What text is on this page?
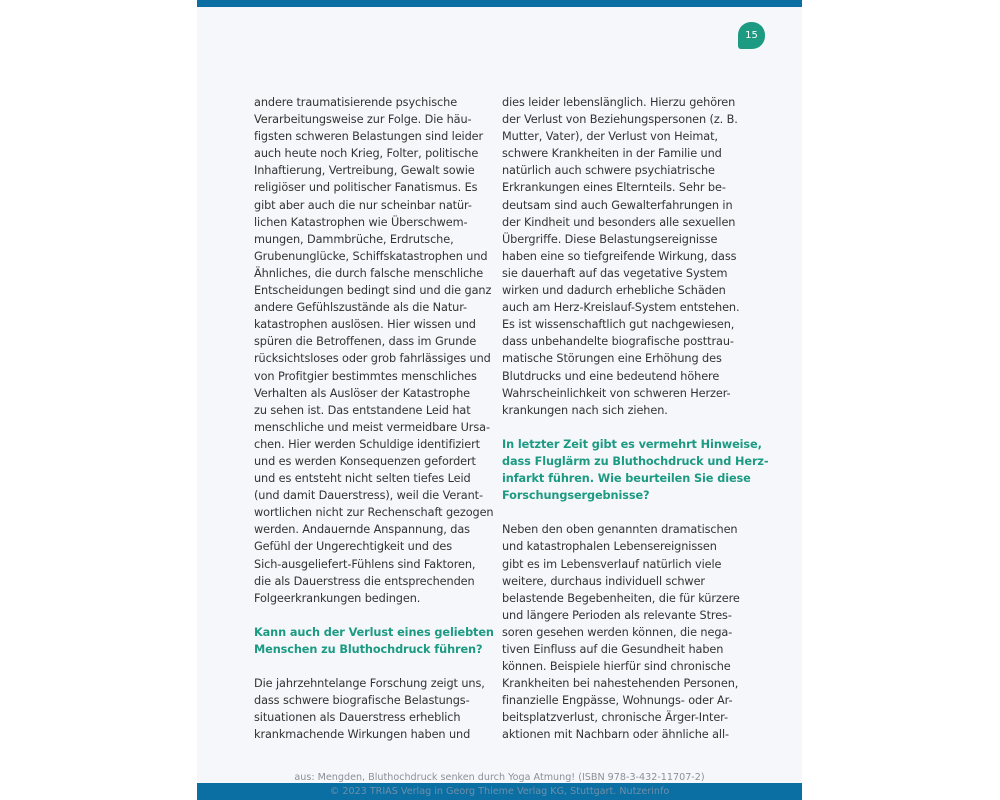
15

andere traumatisierende psychische
Verarbeitungsweise zur Folge. Die häu-
figsten schweren Belastungen sind leider
auch heute noch Krieg, Folter, politische
Inhaftierung, Vertreibung, Gewalt sowie
religiöser und politischer Fanatismus. Es
gibt aber auch die nur scheinbar natür-
lichen Katastrophen wie Überschwem-
mungen, Dammbrüche, Erdrutsche,
Grubenunglücke, Schiffskatastrophen und
Ähnliches, die durch falsche menschliche
Entscheidungen bedingt sind und die ganz
andere Gefühlszustände als die Natur-
katastrophen auslösen. Hier wissen und
spüren die Betroffenen, dass im Grunde
rücksichtsloses oder grob fahrlässiges und
von Profitgier bestimmtes menschliches
Verhalten als Auslöser der Katastrophe
zu sehen ist. Das entstandene Leid hat
menschliche und meist vermeidbare Ursa-
chen. Hier werden Schuldige identifiziert
und es werden Konsequenzen gefordert
und es entsteht nicht selten tiefes Leid
(und damit Dauerstress), weil die Verant-
wortlichen nicht zur Rechenschaft gezogen
werden. Andauernde Anspannung, das
Gefühl der Ungerechtigkeit und des
Sich-ausgeliefert-Fühlens sind Faktoren,
die als Dauerstress die entsprechenden
Folgeerkrankungen bedingen.

Kann auch der Verlust eines geliebten
Menschen zu Bluthochdruck führen?

Die jahrzehntelange Forschung zeigt uns,
dass schwere biografische Belastungs-
situationen als Dauerstress erheblich
krankmachende Wirkungen haben und

dies leider lebenslänglich. Hierzu gehören
der Verlust von Beziehungspersonen (z. B.
Mutter, Vater), der Verlust von Heimat,
schwere Krankheiten in der Familie und
natürlich auch schwere psychiatrische
Erkrankungen eines Elternteils. Sehr be-
deutsam sind auch Gewalterfahrungen in
der Kindheit und besonders alle sexuellen
Übergriffe. Diese Belastungsereignisse
haben eine so tiefgreifende Wirkung, dass
sie dauerhaft auf das vegetative System
wirken und dadurch erhebliche Schäden
auch am Herz-Kreislauf-System entstehen.
Es ist wissenschaftlich gut nachgewiesen,
dass unbehandelte biografische posttrau-
matische Störungen eine Erhöhung des
Blutdrucks und eine bedeutend höhere
Wahrscheinlichkeit von schweren Herzer-
krankungen nach sich ziehen.

In letzter Zeit gibt es vermehrt Hinweise,
dass Fluglärm zu Bluthochdruck und Herz-
infarkt führen. Wie beurteilen Sie diese
Forschungsergebnisse?

Neben den oben genannten dramatischen
und katastrophalen Lebensereignissen
gibt es im Lebensverlauf natürlich viele
weitere, durchaus individuell schwer
belastende Begebenheiten, die für kürzere
und längere Perioden als relevante Stres-
soren gesehen werden können, die nega-
tiven Einfluss auf die Gesundheit haben
können. Beispiele hierfür sind chronische
Krankheiten bei nahestehenden Personen,
finanzielle Engpässe, Wohnungs- oder Ar-
beitsplatzverlust, chronische Ärger-Inter-
aktionen mit Nachbarn oder ähnliche all-

aus: Mengden, Bluthochdruck senken durch Yoga Atmung! (ISBN 978-3-432-11707-2)
© 2023 TRIAS Verlag in Georg Thieme Verlag KG, Stuttgart. Nutzerinfo
